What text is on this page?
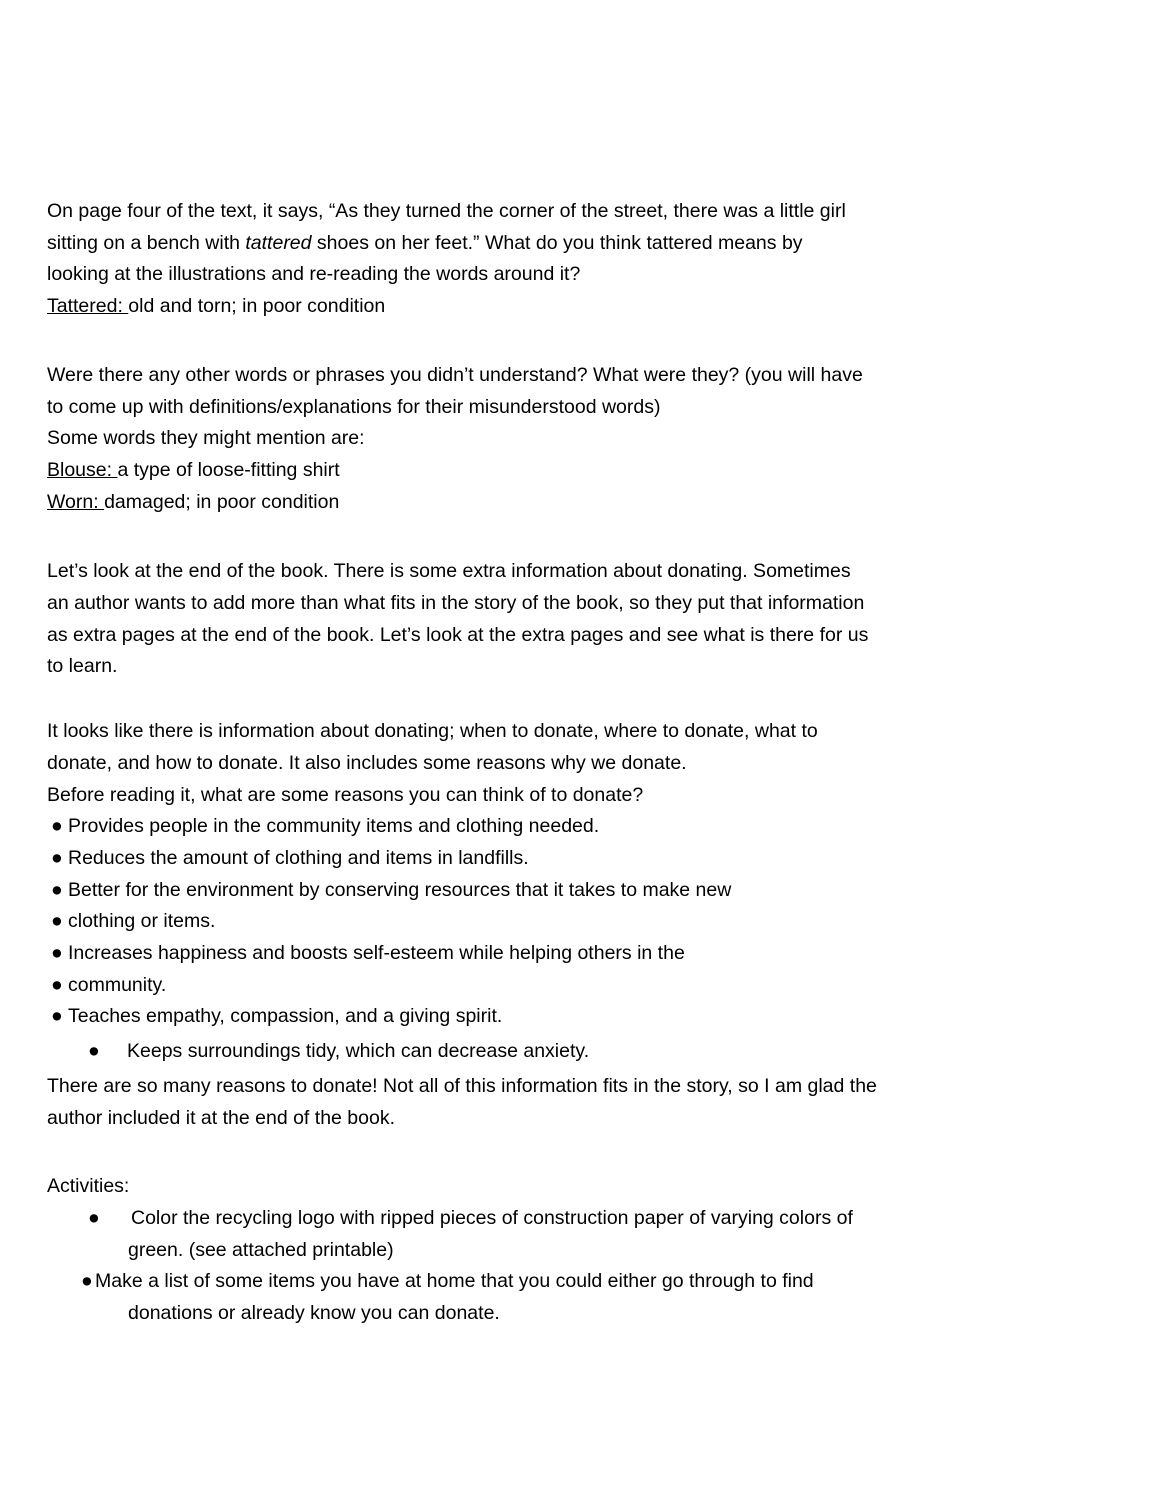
On page four of the text, it says, “As they turned the corner of the street, there was a little girl
sitting on a bench with tattered shoes on her feet.” What do you think tattered means by
looking at the illustrations and re-reading the words around it?
Tattered: old and torn; in poor condition
Were there any other words or phrases you didn’t understand? What were they? (you will have
to come up with definitions/explanations for their misunderstood words)
Some words they might mention are:
Blouse: a type of loose-fitting shirt
Worn: damaged; in poor condition
Let’s look at the end of the book. There is some extra information about donating. Sometimes
an author wants to add more than what fits in the story of the book, so they put that information
as extra pages at the end of the book. Let’s look at the extra pages and see what is there for us
to learn.
It looks like there is information about donating; when to donate, where to donate, what to
donate, and how to donate. It also includes some reasons why we donate.
Before reading it, what are some reasons you can think of to donate?
● Provides people in the community items and clothing needed.
● Reduces the amount of clothing and items in landfills.
● Better for the environment by conserving resources that it takes to make new
● clothing or items.
● Increases happiness and boosts self-esteem while helping others in the
● community.
● Teaches empathy, compassion, and a giving spirit.
● Keeps surroundings tidy, which can decrease anxiety.
There are so many reasons to donate! Not all of this information fits in the story, so I am glad the
author included it at the end of the book.
Activities:
● Color the recycling logo with ripped pieces of construction paper of varying colors of
green. (see attached printable)
● Make a list of some items you have at home that you could either go through to find
donations or already know you can donate.
